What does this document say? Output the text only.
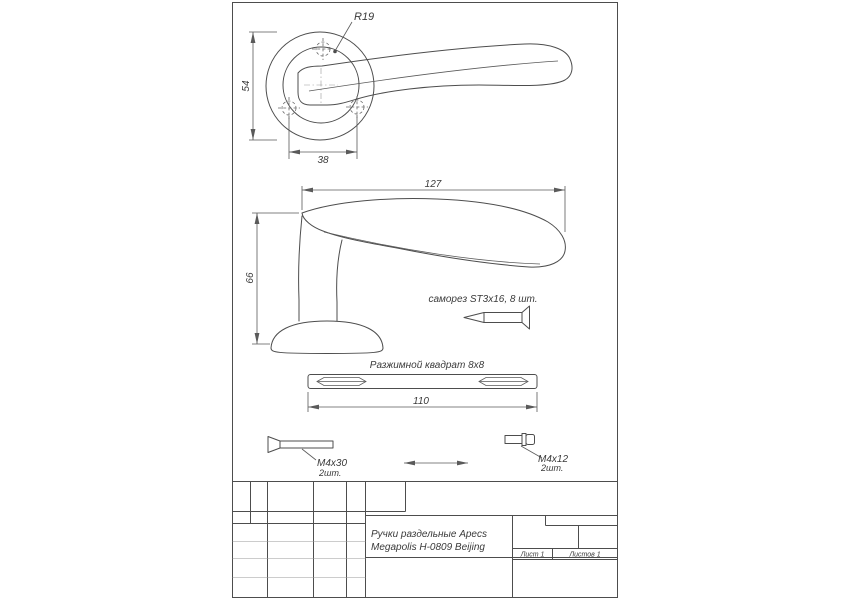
R19
54
38
127
66
саморез ST3x16, 8 шт.
Разжимной квадрат 8x8
110
M4x30
2шт.
M4x12
2шт.
Ручки раздельные Apecs
Megapolis H-0809 Beijing
Лист 1	Листов 1
